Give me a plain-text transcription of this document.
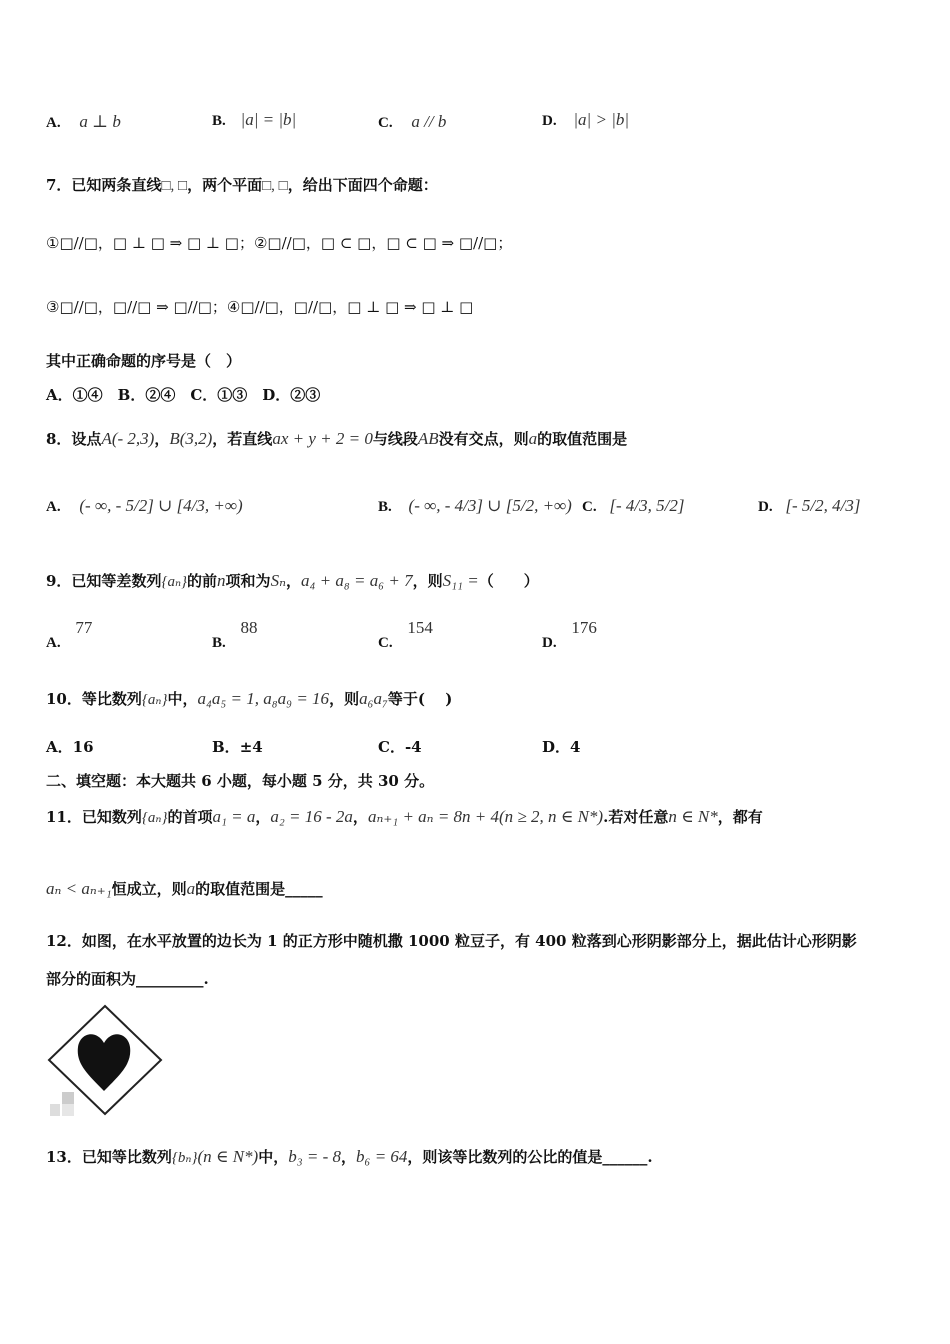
A. a ⊥ b	B. |a| = |b|	C. a // b	D. |a| > |b|
7．已知两条直线□, □，两个平面□, □，给出下面四个命题：
①□//□，□ ⊥ □ ⇒ □ ⊥ □；②□//□，□ ⊂ □，□ ⊂ □ ⇒ □//□；
③□//□，□//□ ⇒ □//□；④□//□，□//□，□ ⊥ □ ⇒ □ ⊥ □
其中正确命题的序号是（　）
A．①④　B．②④　C．①③　D．②③
8．设点A(- 2,3)，B(3,2)，若直线ax + y + 2 = 0与线段AB没有交点，则a的取值范围是
A. (- ∞, - 5/2] ∪ [4/3, +∞)	B. (- ∞, - 4/3] ∪ [5/2, +∞) C. [- 4/3, 5/2]	D. [- 5/2, 4/3]
9．已知等差数列{aₙ}的前n项和为Sₙ，a₄ + a₈ = a₆ + 7，则S₁₁ =（　　）
A. 77
B. 88
C. 154
D. 176
10．等比数列{aₙ}中，a₄a₅ = 1, a₈a₉ = 16，则a₆a₇等于(　 )
A．16	B．±4	C．-4	D．4
二、填空题：本大题共 6 小题，每小题 5 分，共 30 分。
11．已知数列{aₙ}的首项a₁ = a，a₂ = 16 - 2a，aₙ₊₁ + aₙ = 8n + 4(n ≥ 2, n ∈ N*).若对任意n ∈ N*，都有
aₙ < aₙ₊₁恒成立，则a的取值范围是_____
12．如图，在水平放置的边长为 1 的正方形中随机撒 1000 粒豆子，有 400 粒落到心形阴影部分上，据此估计心形阴影
部分的面积为_________.
13．已知等比数列{bₙ}(n ∈ N*)中，b₃ = - 8，b₆ = 64，则该等比数列的公比的值是______.
